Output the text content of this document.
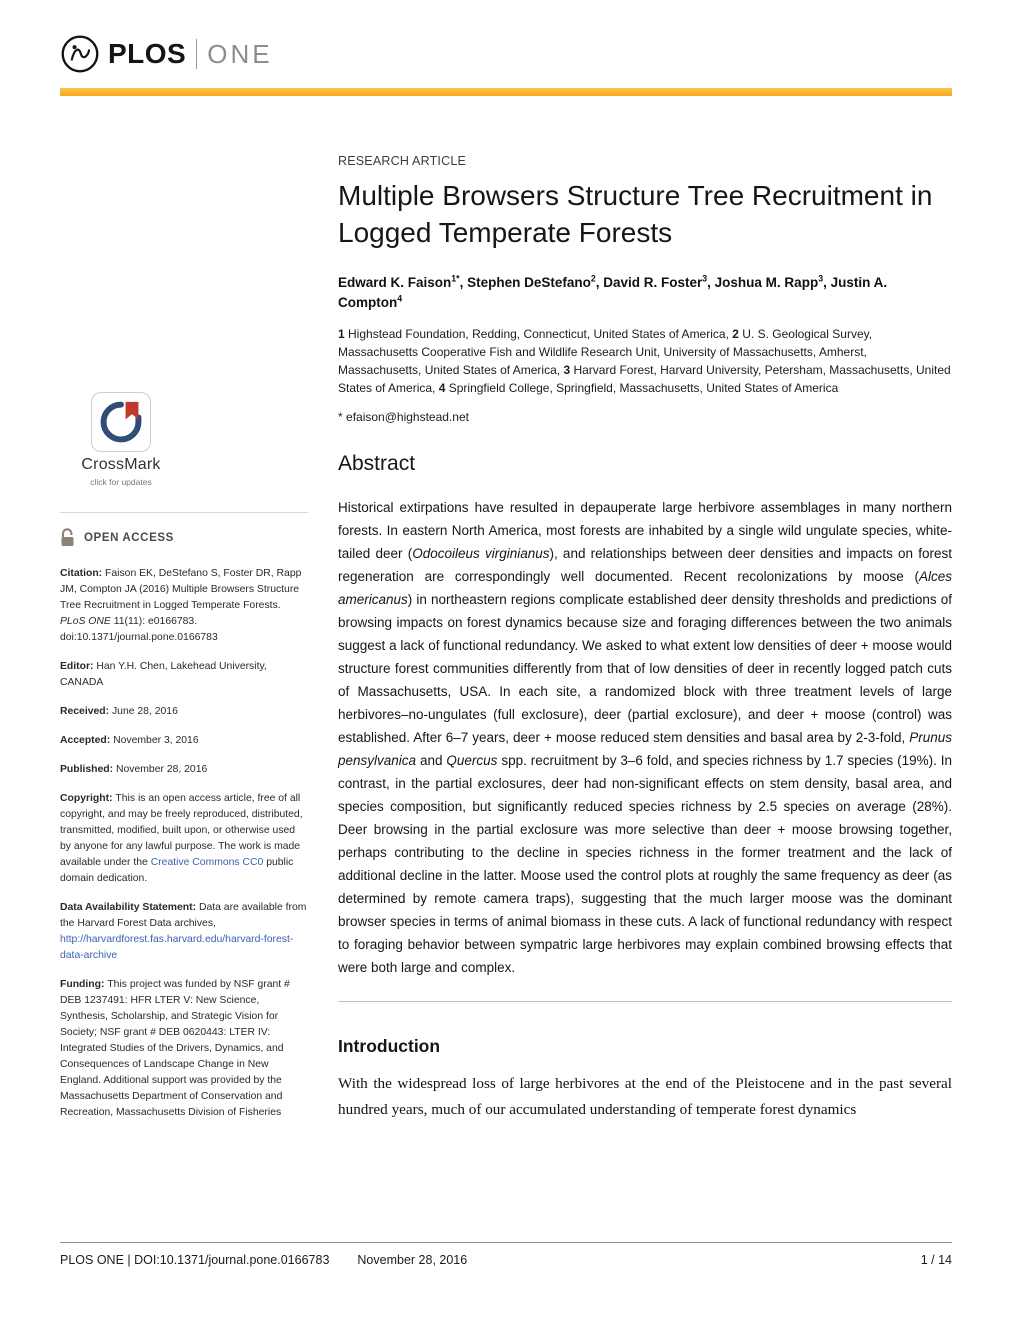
PLOS ONE
CrossMark
click for updates
OPEN ACCESS

Citation: Faison EK, DeStefano S, Foster DR, Rapp JM, Compton JA (2016) Multiple Browsers Structure Tree Recruitment in Logged Temperate Forests. PLoS ONE 11(11): e0166783. doi:10.1371/journal.pone.0166783

Editor: Han Y.H. Chen, Lakehead University, CANADA

Received: June 28, 2016

Accepted: November 3, 2016

Published: November 28, 2016

Copyright: This is an open access article, free of all copyright, and may be freely reproduced, distributed, transmitted, modified, built upon, or otherwise used by anyone for any lawful purpose. The work is made available under the Creative Commons CC0 public domain dedication.

Data Availability Statement: Data are available from the Harvard Forest Data archives, http://harvardforest.fas.harvard.edu/harvard-forest-data-archive

Funding: This project was funded by NSF grant # DEB 1237491: HFR LTER V: New Science, Synthesis, Scholarship, and Strategic Vision for Society; NSF grant # DEB 0620443: LTER IV: Integrated Studies of the Drivers, Dynamics, and Consequences of Landscape Change in New England. Additional support was provided by the Massachusetts Department of Conservation and Recreation, Massachusetts Division of Fisheries

RESEARCH ARTICLE
Multiple Browsers Structure Tree Recruitment in Logged Temperate Forests

Edward K. Faison$^{1*}$, Stephen DeStefano$^2$, David R. Foster$^3$, Joshua M. Rapp$^3$, Justin A. Compton$^4$

1 Highstead Foundation, Redding, Connecticut, United States of America, 2 U. S. Geological Survey, Massachusetts Cooperative Fish and Wildlife Research Unit, University of Massachusetts, Amherst, Massachusetts, United States of America, 3 Harvard Forest, Harvard University, Petersham, Massachusetts, United States of America, 4 Springfield College, Springfield, Massachusetts, United States of America

* efaison@highstead.net

Abstract

Historical extirpations have resulted in depauperate large herbivore assemblages in many northern forests. In eastern North America, most forests are inhabited by a single wild ungulate species, white-tailed deer (Odocoileus virginianus), and relationships between deer densities and impacts on forest regeneration are correspondingly well documented. Recent recolonizations by moose (Alces americanus) in northeastern regions complicate established deer density thresholds and predictions of browsing impacts on forest dynamics because size and foraging differences between the two animals suggest a lack of functional redundancy. We asked to what extent low densities of deer + moose would structure forest communities differently from that of low densities of deer in recently logged patch cuts of Massachusetts, USA. In each site, a randomized block with three treatment levels of large herbivores–no-ungulates (full exclosure), deer (partial exclosure), and deer + moose (control) was established. After 6–7 years, deer + moose reduced stem densities and basal area by 2-3-fold, Prunus pensylvanica and Quercus spp. recruitment by 3–6 fold, and species richness by 1.7 species (19%). In contrast, in the partial exclosures, deer had non-significant effects on stem density, basal area, and species composition, but significantly reduced species richness by 2.5 species on average (28%). Deer browsing in the partial exclosure was more selective than deer + moose browsing together, perhaps contributing to the decline in species richness in the former treatment and the lack of additional decline in the latter. Moose used the control plots at roughly the same frequency as deer (as determined by remote camera traps), suggesting that the much larger moose was the dominant browser species in terms of animal biomass in these cuts. A lack of functional redundancy with respect to foraging behavior between sympatric large herbivores may explain combined browsing effects that were both large and complex.

Introduction

With the widespread loss of large herbivores at the end of the Pleistocene and in the past several hundred years, much of our accumulated understanding of temperate forest dynamics

PLOS ONE | DOI:10.1371/journal.pone.0166783 November 28, 2016	1 / 14
